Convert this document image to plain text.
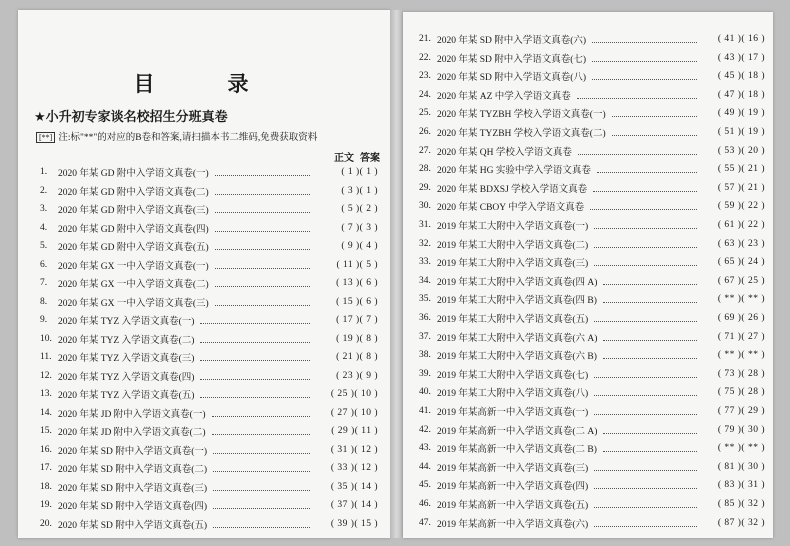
目　录
★小升初专家谈名校招生分班真卷
[**] 注:标"**"的对应的B卷和答案,请扫描本书二维码,免费获取资料
正文 答案
1.	2020 年某 GD 附中入学语文真卷(一)	( 1 )( 1 )
2.	2020 年某 GD 附中入学语文真卷(二)	( 3 )( 1 )
3.	2020 年某 GD 附中入学语文真卷(三)	( 5 )( 2 )
4.	2020 年某 GD 附中入学语文真卷(四)	( 7 )( 3 )
5.	2020 年某 GD 附中入学语文真卷(五)	( 9 )( 4 )
6.	2020 年某 GX 一中入学语文真卷(一)	( 11 )( 5 )
7.	2020 年某 GX 一中入学语文真卷(二)	( 13 )( 6 )
8.	2020 年某 GX 一中入学语文真卷(三)	( 15 )( 6 )
9.	2020 年某 TYZ 入学语文真卷(一)	( 17 )( 7 )
10. 2020 年某 TYZ 入学语文真卷(二)	( 19 )( 8 )
11. 2020 年某 TYZ 入学语文真卷(三)	( 21 )( 8 )
12. 2020 年某 TYZ 入学语文真卷(四)	( 23 )( 9 )
13. 2020 年某 TYZ 入学语文真卷(五)	( 25 )( 10 )
14. 2020 年某 JD 附中入学语文真卷(一)	( 27 )( 10 )
15. 2020 年某 JD 附中入学语文真卷(二)	( 29 )( 11 )
16. 2020 年某 SD 附中入学语文真卷(一)	( 31 )( 12 )
17. 2020 年某 SD 附中入学语文真卷(二)	( 33 )( 12 )
18. 2020 年某 SD 附中入学语文真卷(三)	( 35 )( 14 )
19. 2020 年某 SD 附中入学语文真卷(四)	( 37 )( 14 )
20. 2020 年某 SD 附中入学语文真卷(五)	( 39 )( 15 )
21. 2020 年某 SD 附中入学语文真卷(六)	( 41 )( 16 )
22. 2020 年某 SD 附中入学语文真卷(七)	( 43 )( 17 )
23. 2020 年某 SD 附中入学语文真卷(八)	( 45 )( 18 )
24. 2020 年某 AZ 中学入学语文真卷	( 47 )( 18 )
25. 2020 年某 TYZBH 学校入学语文真卷(一)	( 49 )( 19 )
26. 2020 年某 TYZBH 学校入学语文真卷(二)	( 51 )( 19 )
27. 2020 年某 QH 学校入学语文真卷	( 53 )( 20 )
28. 2020 年某 HG 实验中学入学语文真卷	( 55 )( 21 )
29. 2020 年某 BDXSJ 学校入学语文真卷	( 57 )( 21 )
30. 2020 年某 CBOY 中学入学语文真卷	( 59 )( 22 )
31. 2019 年某工大附中入学语文真卷(一)	( 61 )( 22 )
32. 2019 年某工大附中入学语文真卷(二)	( 63 )( 23 )
33. 2019 年某工大附中入学语文真卷(三)	( 65 )( 24 )
34. 2019 年某工大附中入学语文真卷(四 A)	( 67 )( 25 )
35. 2019 年某工大附中入学语文真卷(四 B)	( ** )( ** )
36. 2019 年某工大附中入学语文真卷(五)	( 69 )( 26 )
37. 2019 年某工大附中入学语文真卷(六 A)	( 71 )( 27 )
38. 2019 年某工大附中入学语文真卷(六 B)	( ** )( ** )
39. 2019 年某工大附中入学语文真卷(七)	( 73 )( 28 )
40. 2019 年某工大附中入学语文真卷(八)	( 75 )( 28 )
41. 2019 年某高新一中入学语文真卷(一)	( 77 )( 29 )
42. 2019 年某高新一中入学语文真卷(二 A)	( 79 )( 30 )
43. 2019 年某高新一中入学语文真卷(二 B)	( ** )( ** )
44. 2019 年某高新一中入学语文真卷(三)	( 81 )( 30 )
45. 2019 年某高新一中入学语文真卷(四)	( 83 )( 31 )
46. 2019 年某高新一中入学语文真卷(五)	( 85 )( 32 )
47. 2019 年某高新一中入学语文真卷(六)	( 87 )( 32 )
